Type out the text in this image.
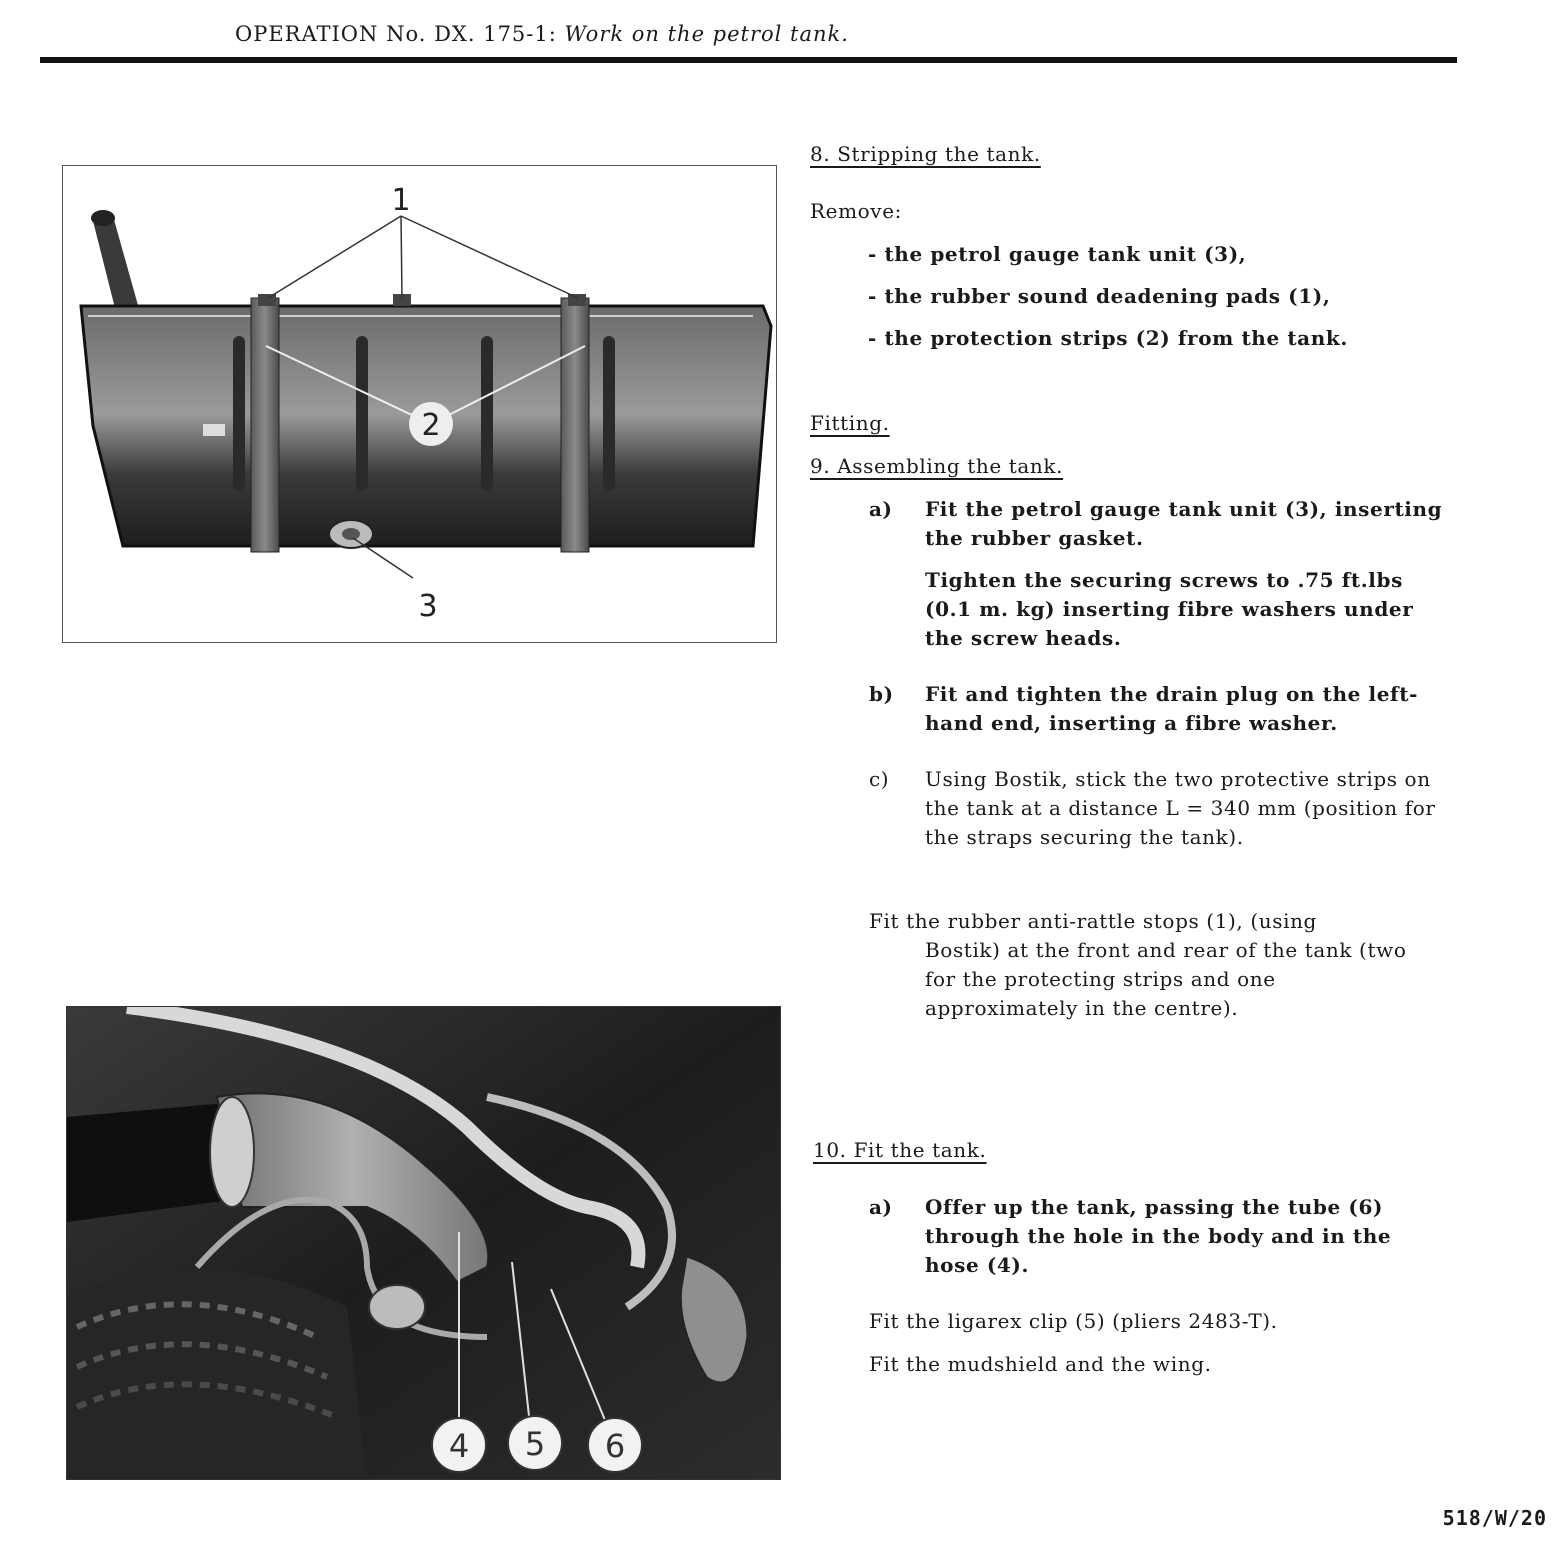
OPERATION No. DX. 175-1: Work on the petrol tank.
1
2
3
4 5 6
8. Stripping the tank.
Remove:
- the petrol gauge tank unit (3),
- the rubber sound deadening pads (1),
- the protection strips (2) from the tank.
Fitting.
9. Assembling the tank.
a) Fit the petrol gauge tank unit (3), inserting the rubber gasket.
Tighten the securing screws to .75 ft.lbs (0.1 m. kg) inserting fibre washers under the screw heads.
b) Fit and tighten the drain plug on the left-hand end, inserting a fibre washer.
c) Using Bostik, stick the two protective strips on the tank at a distance L = 340 mm (position for the straps securing the tank).
Fit the rubber anti-rattle stops (1), (using
Bostik) at the front and rear of the tank (two for the protecting strips and one approximately in the centre).
10. Fit the tank.
a) Offer up the tank, passing the tube (6) through the hole in the body and in the hose (4).
Fit the ligarex clip (5) (pliers 2483-T).
Fit the mudshield and the wing.
518/W/20
